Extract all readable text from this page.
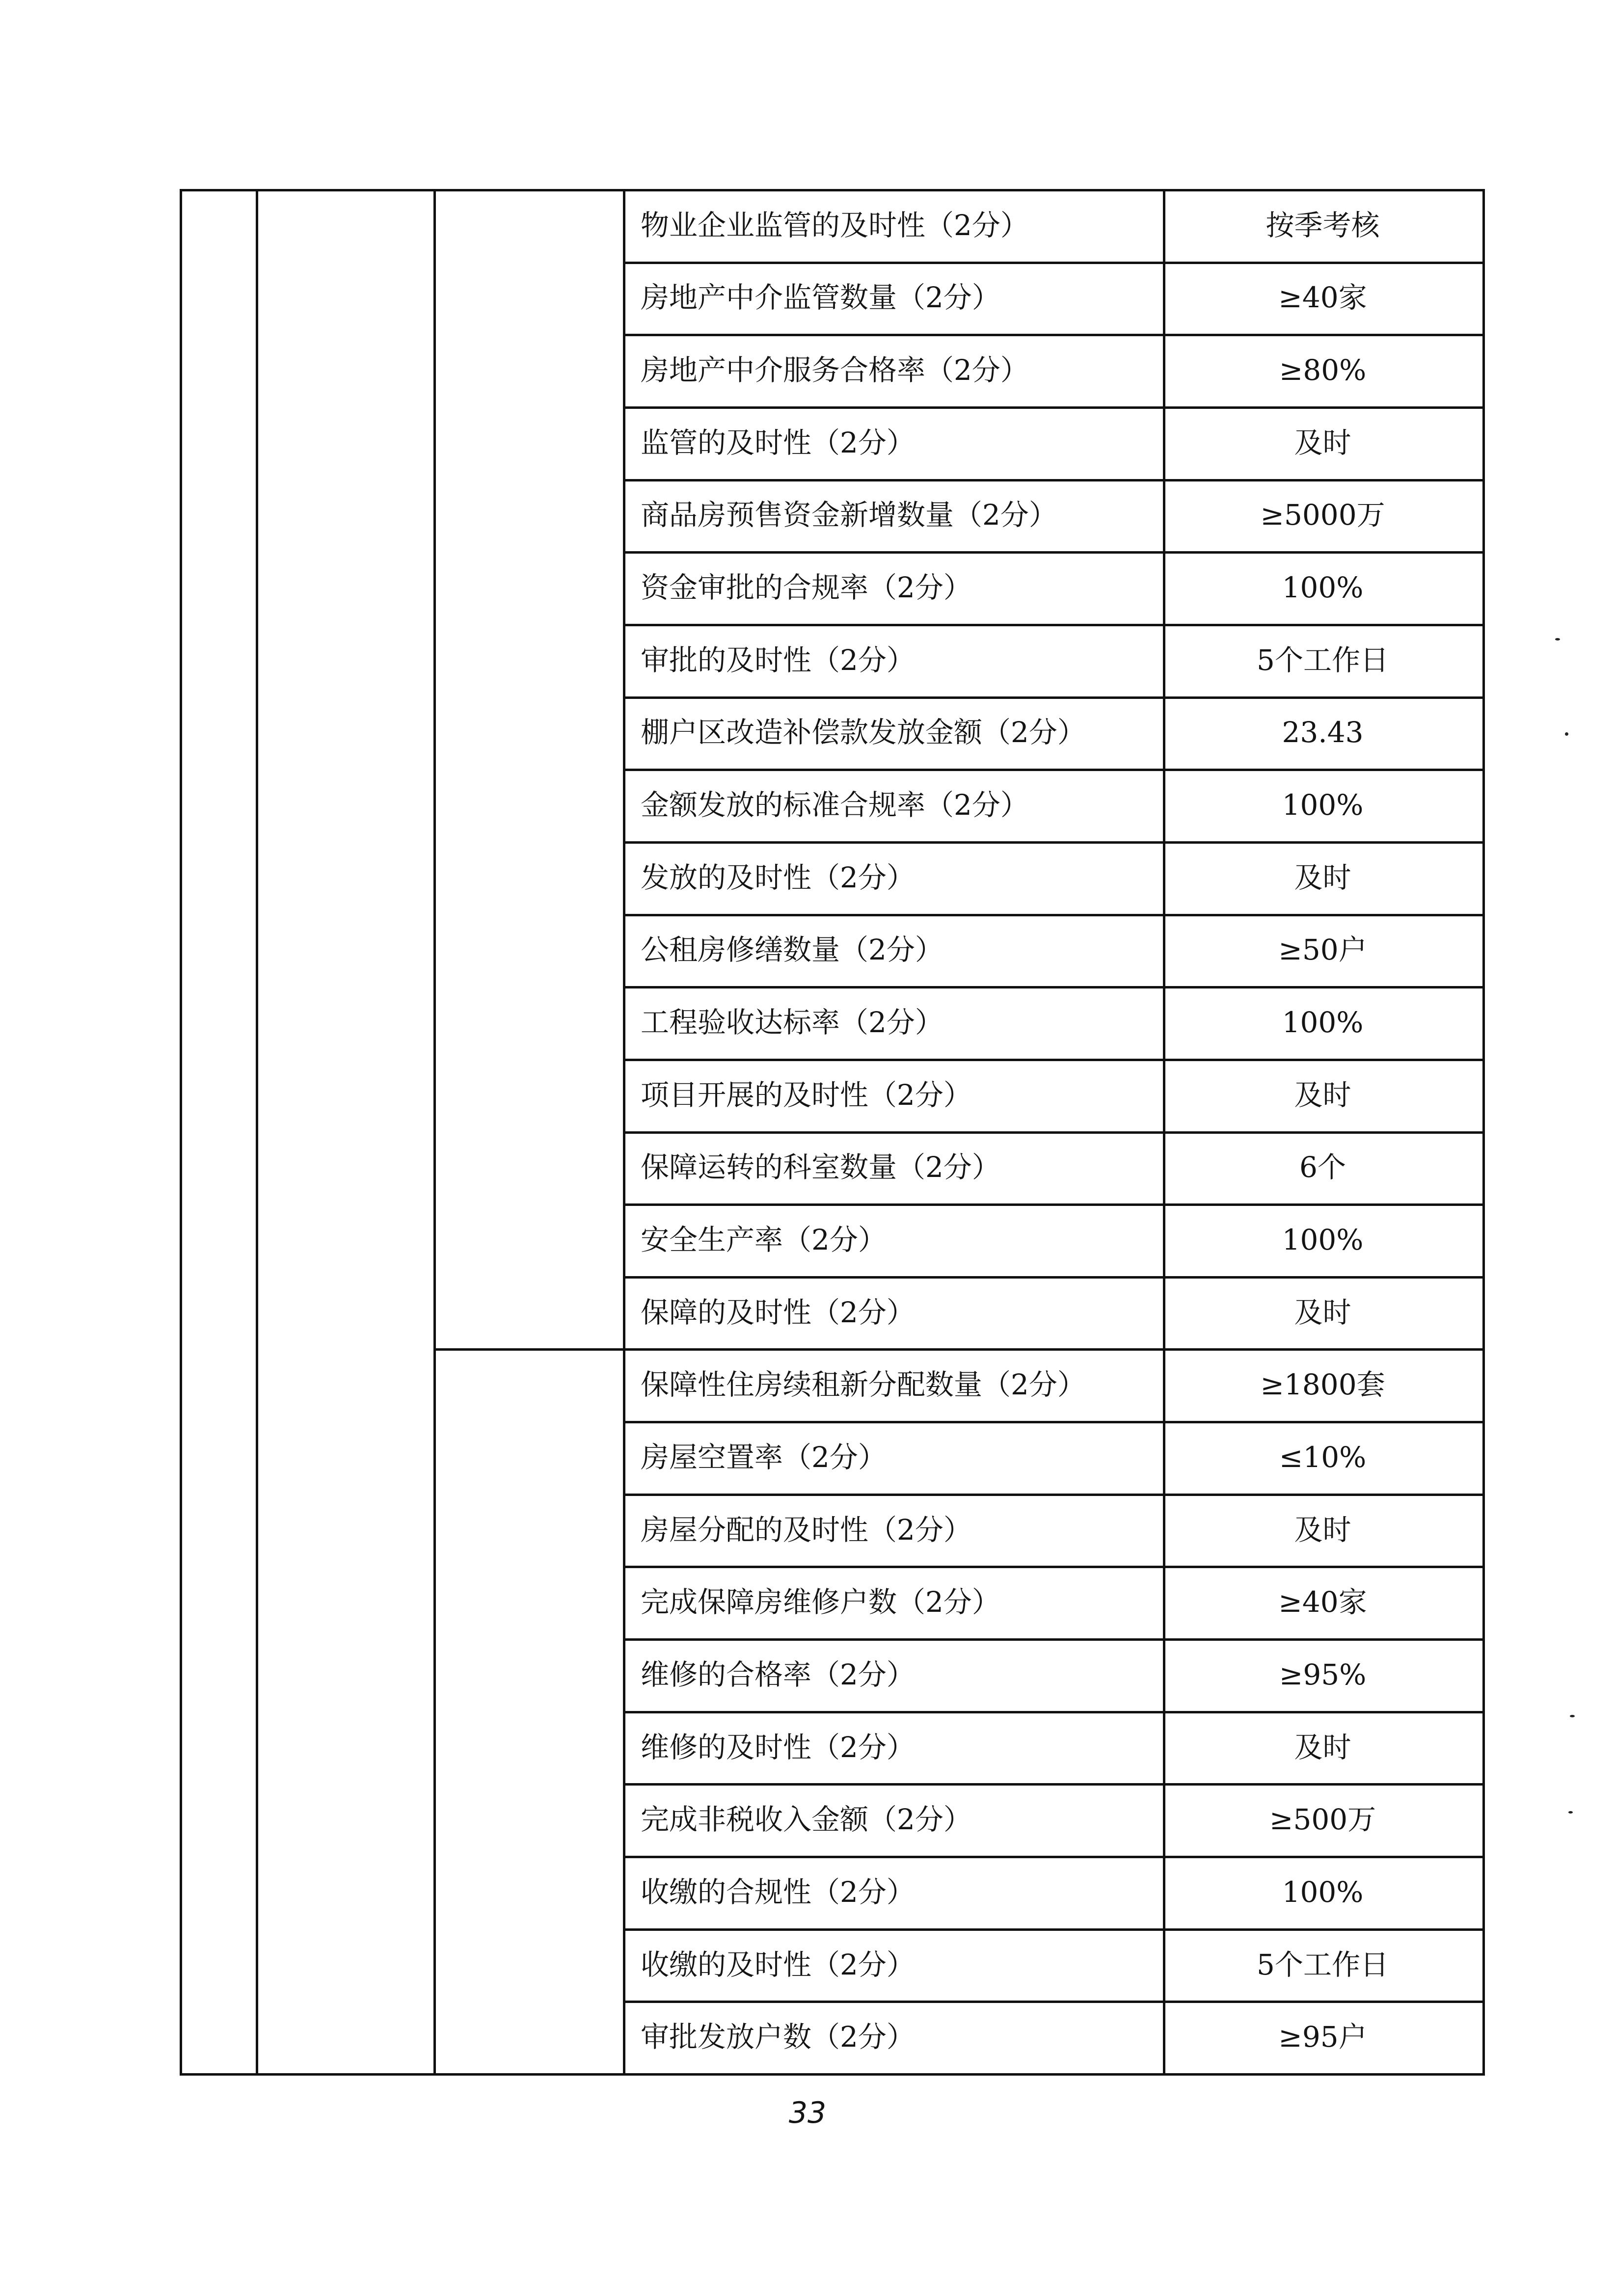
物业企业监管的及时性（2分）	按季考核
房地产中介监管数量（2分）	≥40家
房地产中介服务合格率（2分）	≥80%
监管的及时性（2分）	及时
商品房预售资金新增数量（2分）	≥5000万
资金审批的合规率（2分）	100%
审批的及时性（2分）	5个工作日
棚户区改造补偿款发放金额（2分）	23.43
金额发放的标准合规率（2分）	100%
发放的及时性（2分）	及时
公租房修缮数量（2分）	≥50户
工程验收达标率（2分）	100%
项目开展的及时性（2分）	及时
保障运转的科室数量（2分）	6个
安全生产率（2分）	100%
保障的及时性（2分）	及时
保障性住房续租新分配数量（2分）	≥1800套
房屋空置率（2分）	≤10%
房屋分配的及时性（2分）	及时
完成保障房维修户数（2分）	≥40家
维修的合格率（2分）	≥95%
维修的及时性（2分）	及时
完成非税收入金额（2分）	≥500万
收缴的合规性（2分）	100%
收缴的及时性（2分）	5个工作日
审批发放户数（2分）	≥95户
33
